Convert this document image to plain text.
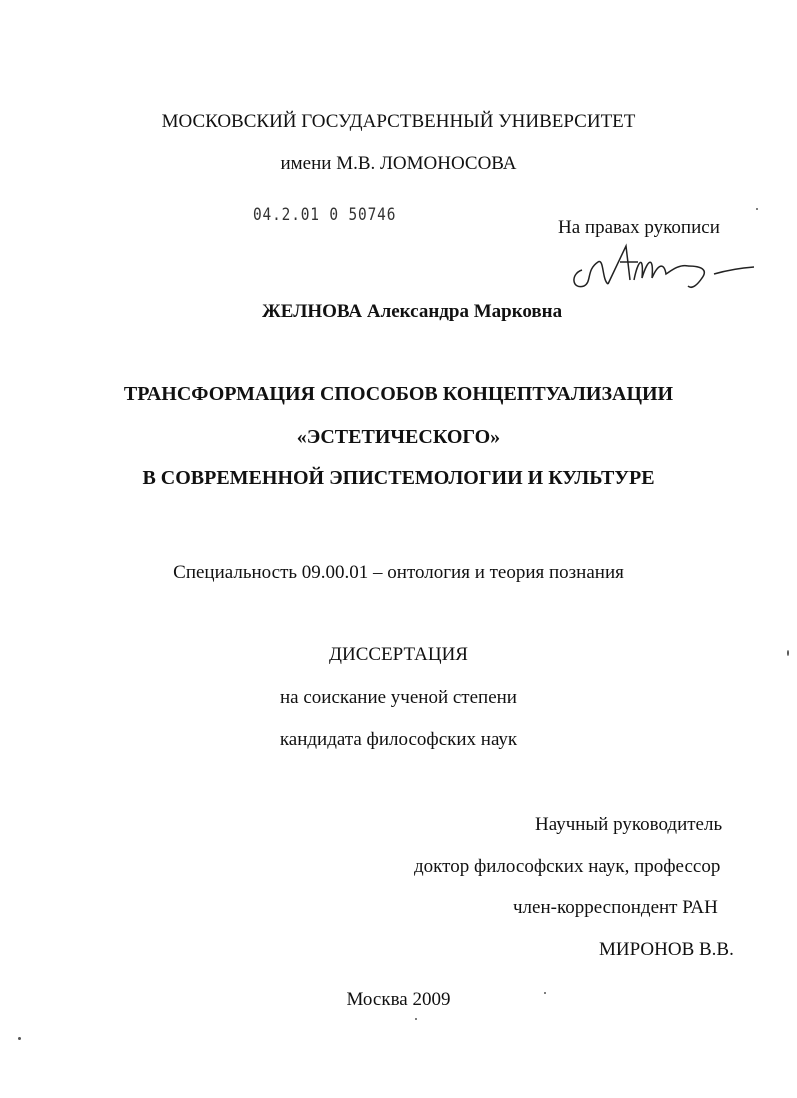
МОСКОВСКИЙ ГОСУДАРСТВЕННЫЙ УНИВЕРСИТЕТ
имени М.В. ЛОМОНОСОВА
04.2.01 0 50746
На правах рукописи
ЖЕЛНОВА Александра Марковна
ТРАНСФОРМАЦИЯ СПОСОБОВ КОНЦЕПТУАЛИЗАЦИИ
«ЭСТЕТИЧЕСКОГО»
В СОВРЕМЕННОЙ ЭПИСТЕМОЛОГИИ И КУЛЬТУРЕ
Специальность 09.00.01 – онтология и теория познания
ДИССЕРТАЦИЯ
на соискание ученой степени
кандидата философских наук
Научный руководитель
доктор философских наук, профессор
член-корреспондент РАН
МИРОНОВ В.В.
Москва 2009
